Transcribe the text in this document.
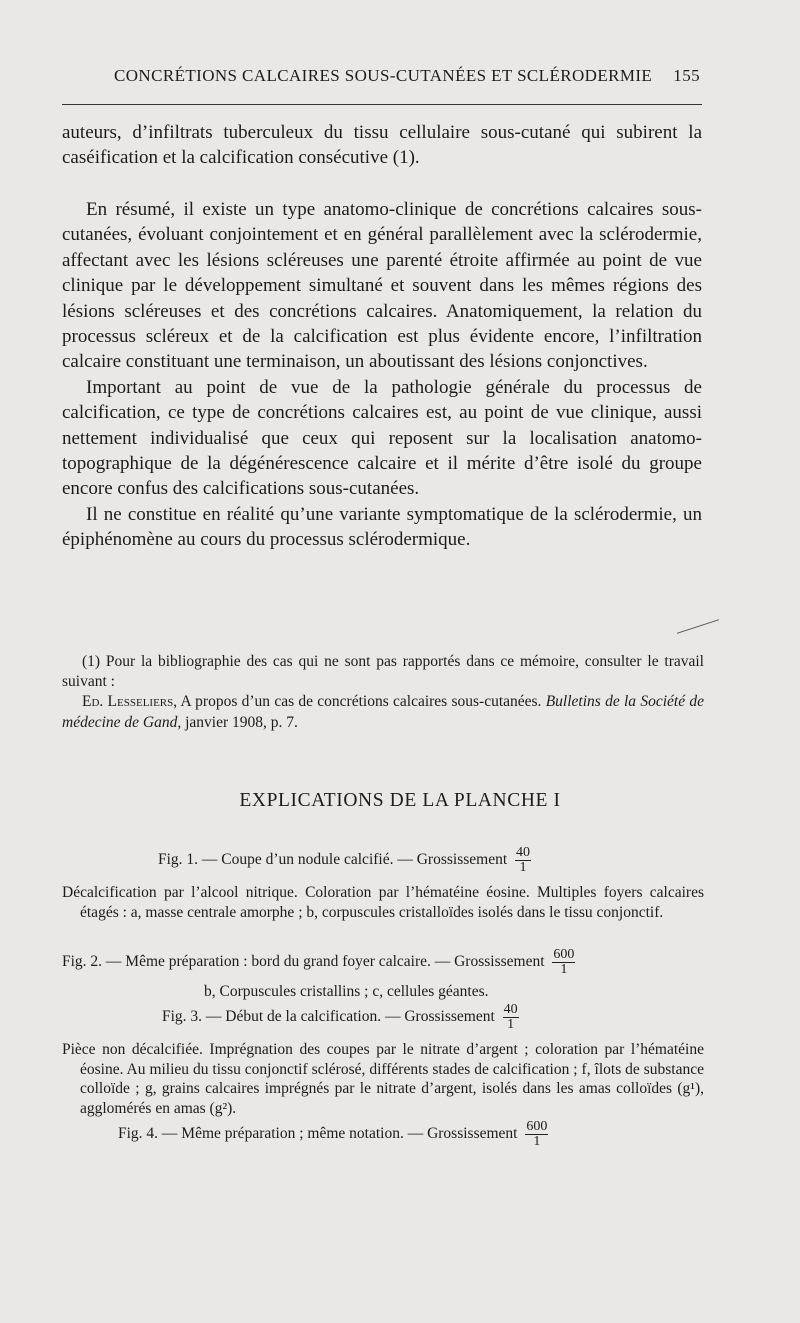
CONCRÉTIONS CALCAIRES SOUS-CUTANÉES ET SCLÉRODERMIE 155

auteurs, d’infiltrats tuberculeux du tissu cellulaire sous-cutané qui subirent la caséification et la calcification consécutive (1).

En résumé, il existe un type anatomo-clinique de concrétions calcaires sous-cutanées, évoluant conjointement et en général parallèlement avec la sclérodermie, affectant avec les lésions scléreuses une parenté étroite affirmée au point de vue clinique par le développement simultané et souvent dans les mêmes régions des lésions scléreuses et des concrétions calcaires. Anatomiquement, la relation du processus scléreux et de la calcification est plus évidente encore, l’infiltration calcaire constituant une terminaison, un aboutissant des lésions conjonctives.

Important au point de vue de la pathologie générale du processus de calcification, ce type de concrétions calcaires est, au point de vue clinique, aussi nettement individualisé que ceux qui reposent sur la localisation anatomo-topographique de la dégénérescence calcaire et il mérite d’être isolé du groupe encore confus des calcifications sous-cutanées.

Il ne constitue en réalité qu’une variante symptomatique de la sclérodermie, un épiphénomène au cours du processus sclérodermique.

(1) Pour la bibliographie des cas qui ne sont pas rapportés dans ce mémoire, consulter le travail suivant :

Ed. Lesseliers, A propos d’un cas de concrétions calcaires sous-cutanées. Bulletins de la Société de médecine de Gand, janvier 1908, p. 7.

EXPLICATIONS DE LA PLANCHE I
Fig. 1. — Coupe d’un nodule calcifié. — Grossissement $\frac{40}{1}$

Décalcification par l’alcool nitrique. Coloration par l’hématéine éosine. Multiples foyers calcaires étagés : a, masse centrale amorphe ; b, corpuscules cristalloïdes isolés dans le tissu conjonctif.

Fig. 2. — Même préparation : bord du grand foyer calcaire. — Grossissement $\frac{600}{1}$
b, Corpuscules cristallins ; c, cellules géantes.
Fig. 3. — Début de la calcification. — Grossissement $\frac{40}{1}$

Pièce non décalcifiée. Imprégnation des coupes par le nitrate d’argent ; coloration par l’hématéine éosine. Au milieu du tissu conjonctif sclérosé, différents stades de calcification ; f, îlots de substance colloïde ; g, grains calcaires imprégnés par le nitrate d’argent, isolés dans les amas colloïdes (g¹), agglomérés en amas (g²).

Fig. 4. — Même préparation ; même notation. — Grossissement $\frac{600}{1}$
